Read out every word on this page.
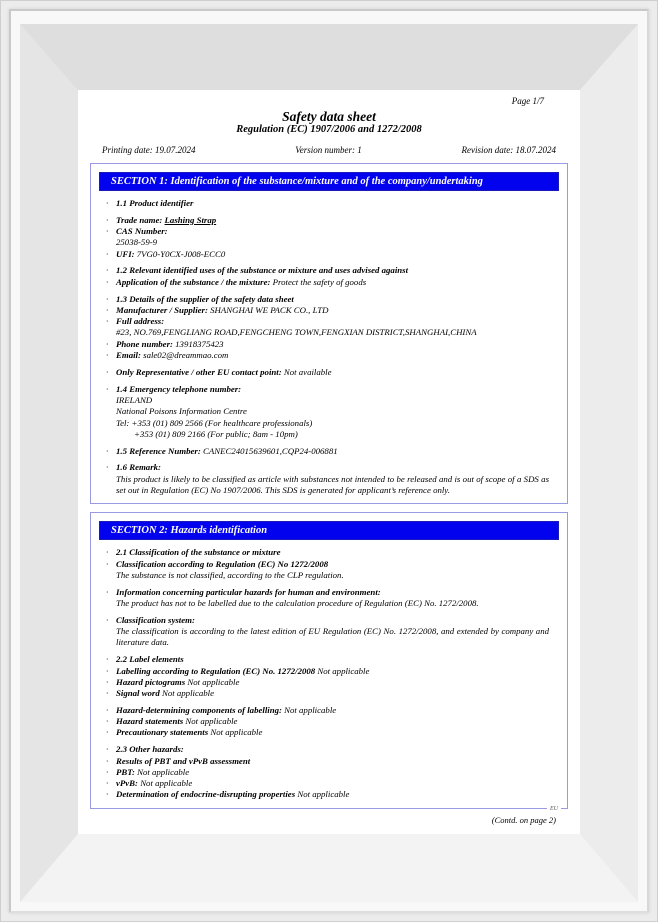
Page 1/7
Safety data sheet
Regulation (EC) 1907/2006 and 1272/2008
Printing date: 19.07.2024	Version number: 1	Revision date: 18.07.2024
SECTION 1: Identification of the substance/mixture and of the company/undertaking
· 1.1 Product identifier
· Trade name: Lashing Strap
· CAS Number:
25038-59-9
· UFI: 7VG0-Y0CX-J008-ECC0
· 1.2 Relevant identified uses of the substance or mixture and uses advised against
· Application of the substance / the mixture: Protect the safety of goods
· 1.3 Details of the supplier of the safety data sheet
· Manufacturer / Supplier: SHANGHAI WE PACK CO., LTD
· Full address:
#23, NO.769,FENGLIANG ROAD,FENGCHENG TOWN,FENGXIAN DISTRICT,SHANGHAI,CHINA
· Phone number: 13918375423
· Email: sale02@dreammao.com
· Only Representative / other EU contact point: Not available
· 1.4 Emergency telephone number:
IRELAND
National Poisons Information Centre
Tel: +353 (01) 809 2566 (For healthcare professionals)
+353 (01) 809 2166 (For public; 8am - 10pm)
· 1.5 Reference Number: CANEC24015639601,CQP24-006881
· 1.6 Remark:
This product is likely to be classified as article with substances not intended to be released and is out of scope of a SDS as set out in Regulation (EC) No 1907/2006. This SDS is generated for applicant’s reference only.
SECTION 2: Hazards identification
· 2.1 Classification of the substance or mixture
· Classification according to Regulation (EC) No 1272/2008
The substance is not classified, according to the CLP regulation.
· Information concerning particular hazards for human and environment:
The product has not to be labelled due to the calculation procedure of Regulation (EC) No. 1272/2008.
· Classification system:
The classification is according to the latest edition of EU Regulation (EC) No. 1272/2008, and extended by company and literature data.
· 2.2 Label elements
· Labelling according to Regulation (EC) No. 1272/2008 Not applicable
· Hazard pictograms Not applicable
· Signal word Not applicable
· Hazard-determining components of labelling: Not applicable
· Hazard statements Not applicable
· Precautionary statements Not applicable
· 2.3 Other hazards:
· Results of PBT and vPvB assessment
· PBT: Not applicable
· vPvB: Not applicable
· Determination of endocrine-disrupting properties Not applicable
EU
(Contd. on page 2)
